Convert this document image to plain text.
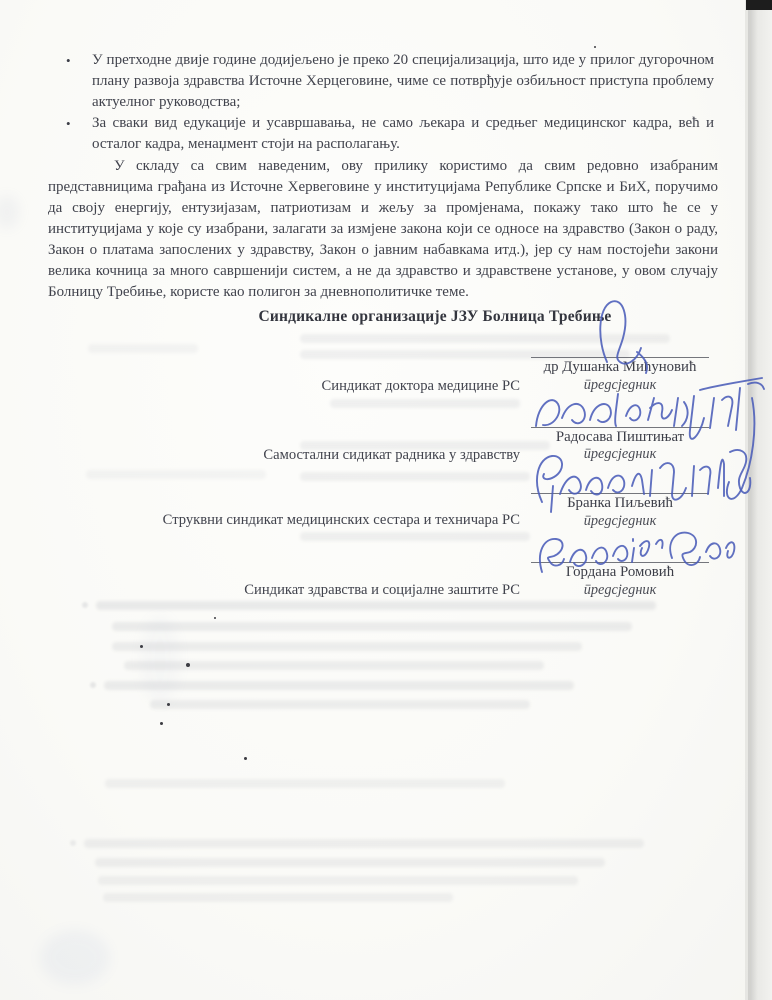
•	У претходне двије године додијељено је преко 20 специјализација, што иде у прилог дугорочном плану развоја здравства Источне Херцеговине, чиме се потврђује озбиљност приступа проблему актуелног руководства;
•	За сваки вид едукације и усавршавања, не само љекара и средњег медицинског кадра, већ и осталог кадра, менаџмент стоји на располагању.

У складу са свим наведеним, ову прилику користимо да свим редовно изабраним представницима грађана из Источне Хервеговине у институцијама Републике Српске и БиХ, поручимо да своју енергију, ентузијазам, патриотизам и жељу за промјенама, покажу тако што ће се у институцијама у које су изабрани, залагати за измјене закона који се односе на здравство (Закон о раду, Закон о платама запослених у здравству, Закон о јавним набавкама итд.), јер су нам постојећи закони велика кочница за много савршенији систем, а не да здравство и здравствене установе, у овом случају Болницу Требиње, користе као полигон за дневнополитичке теме.

Синдикалне организације ЈЗУ Болница Требиње
др Душанка Мићуновић
предсједник
Синдикат доктора медицине РС
Радосава Пиштињат
предсједник
Самостални сидикат радника у здравству
Бранка Пиљевић
предсједник
Струквни синдикат медицинских сестара и техничара РС
Гордана Ромовић
предсједник
Синдикат здравства и социјалне заштите РС
